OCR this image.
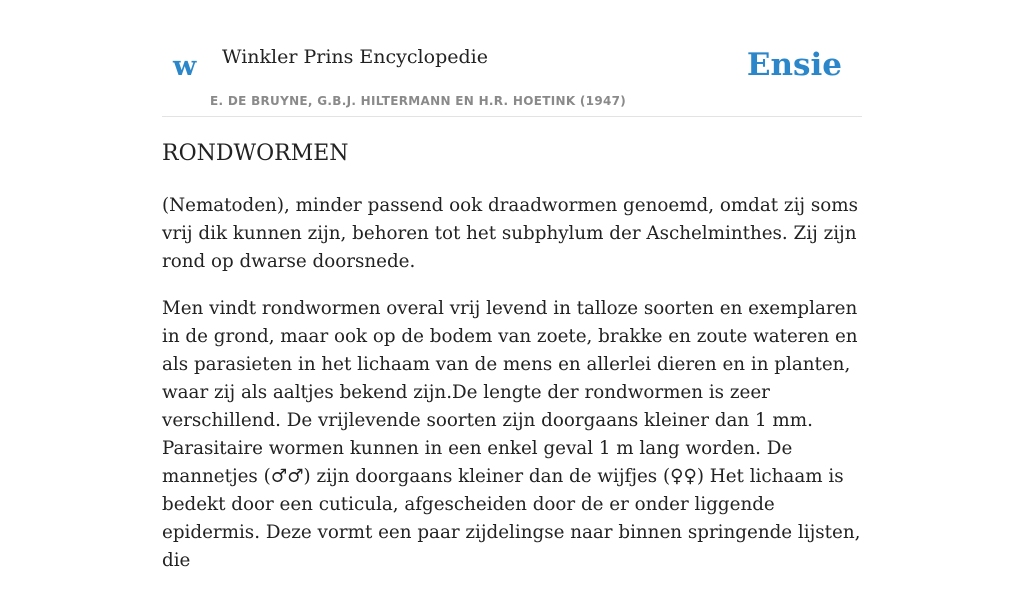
w Winkler Prins Encyclopedie
E. DE BRUYNE, G.B.J. HILTERMANN EN H.R. HOETINK (1947)
Ensie
RONDWORMEN

(Nematoden), minder passend ook draadwormen genoemd, omdat zij soms vrij dik kunnen zijn, behoren tot het subphylum der Aschelminthes. Zij zijn rond op dwarse doorsnede.

Men vindt rondwormen overal vrij levend in talloze soorten en exemplaren in de grond, maar ook op de bodem van zoete, brakke en zoute wateren en als parasieten in het lichaam van de mens en allerlei dieren en in planten, waar zij als aaltjes bekend zijn.De lengte der rondwormen is zeer verschillend. De vrijlevende soorten zijn doorgaans kleiner dan 1 mm. Parasitaire wormen kunnen in een enkel geval 1 m lang worden. De mannetjes (♂♂) zijn doorgaans kleiner dan de wijfjes (♀♀) Het lichaam is bedekt door een cuticula, afgescheiden door de er onder liggende epidermis. Deze vormt een paar zijdelingse naar binnen springende lijsten, die
